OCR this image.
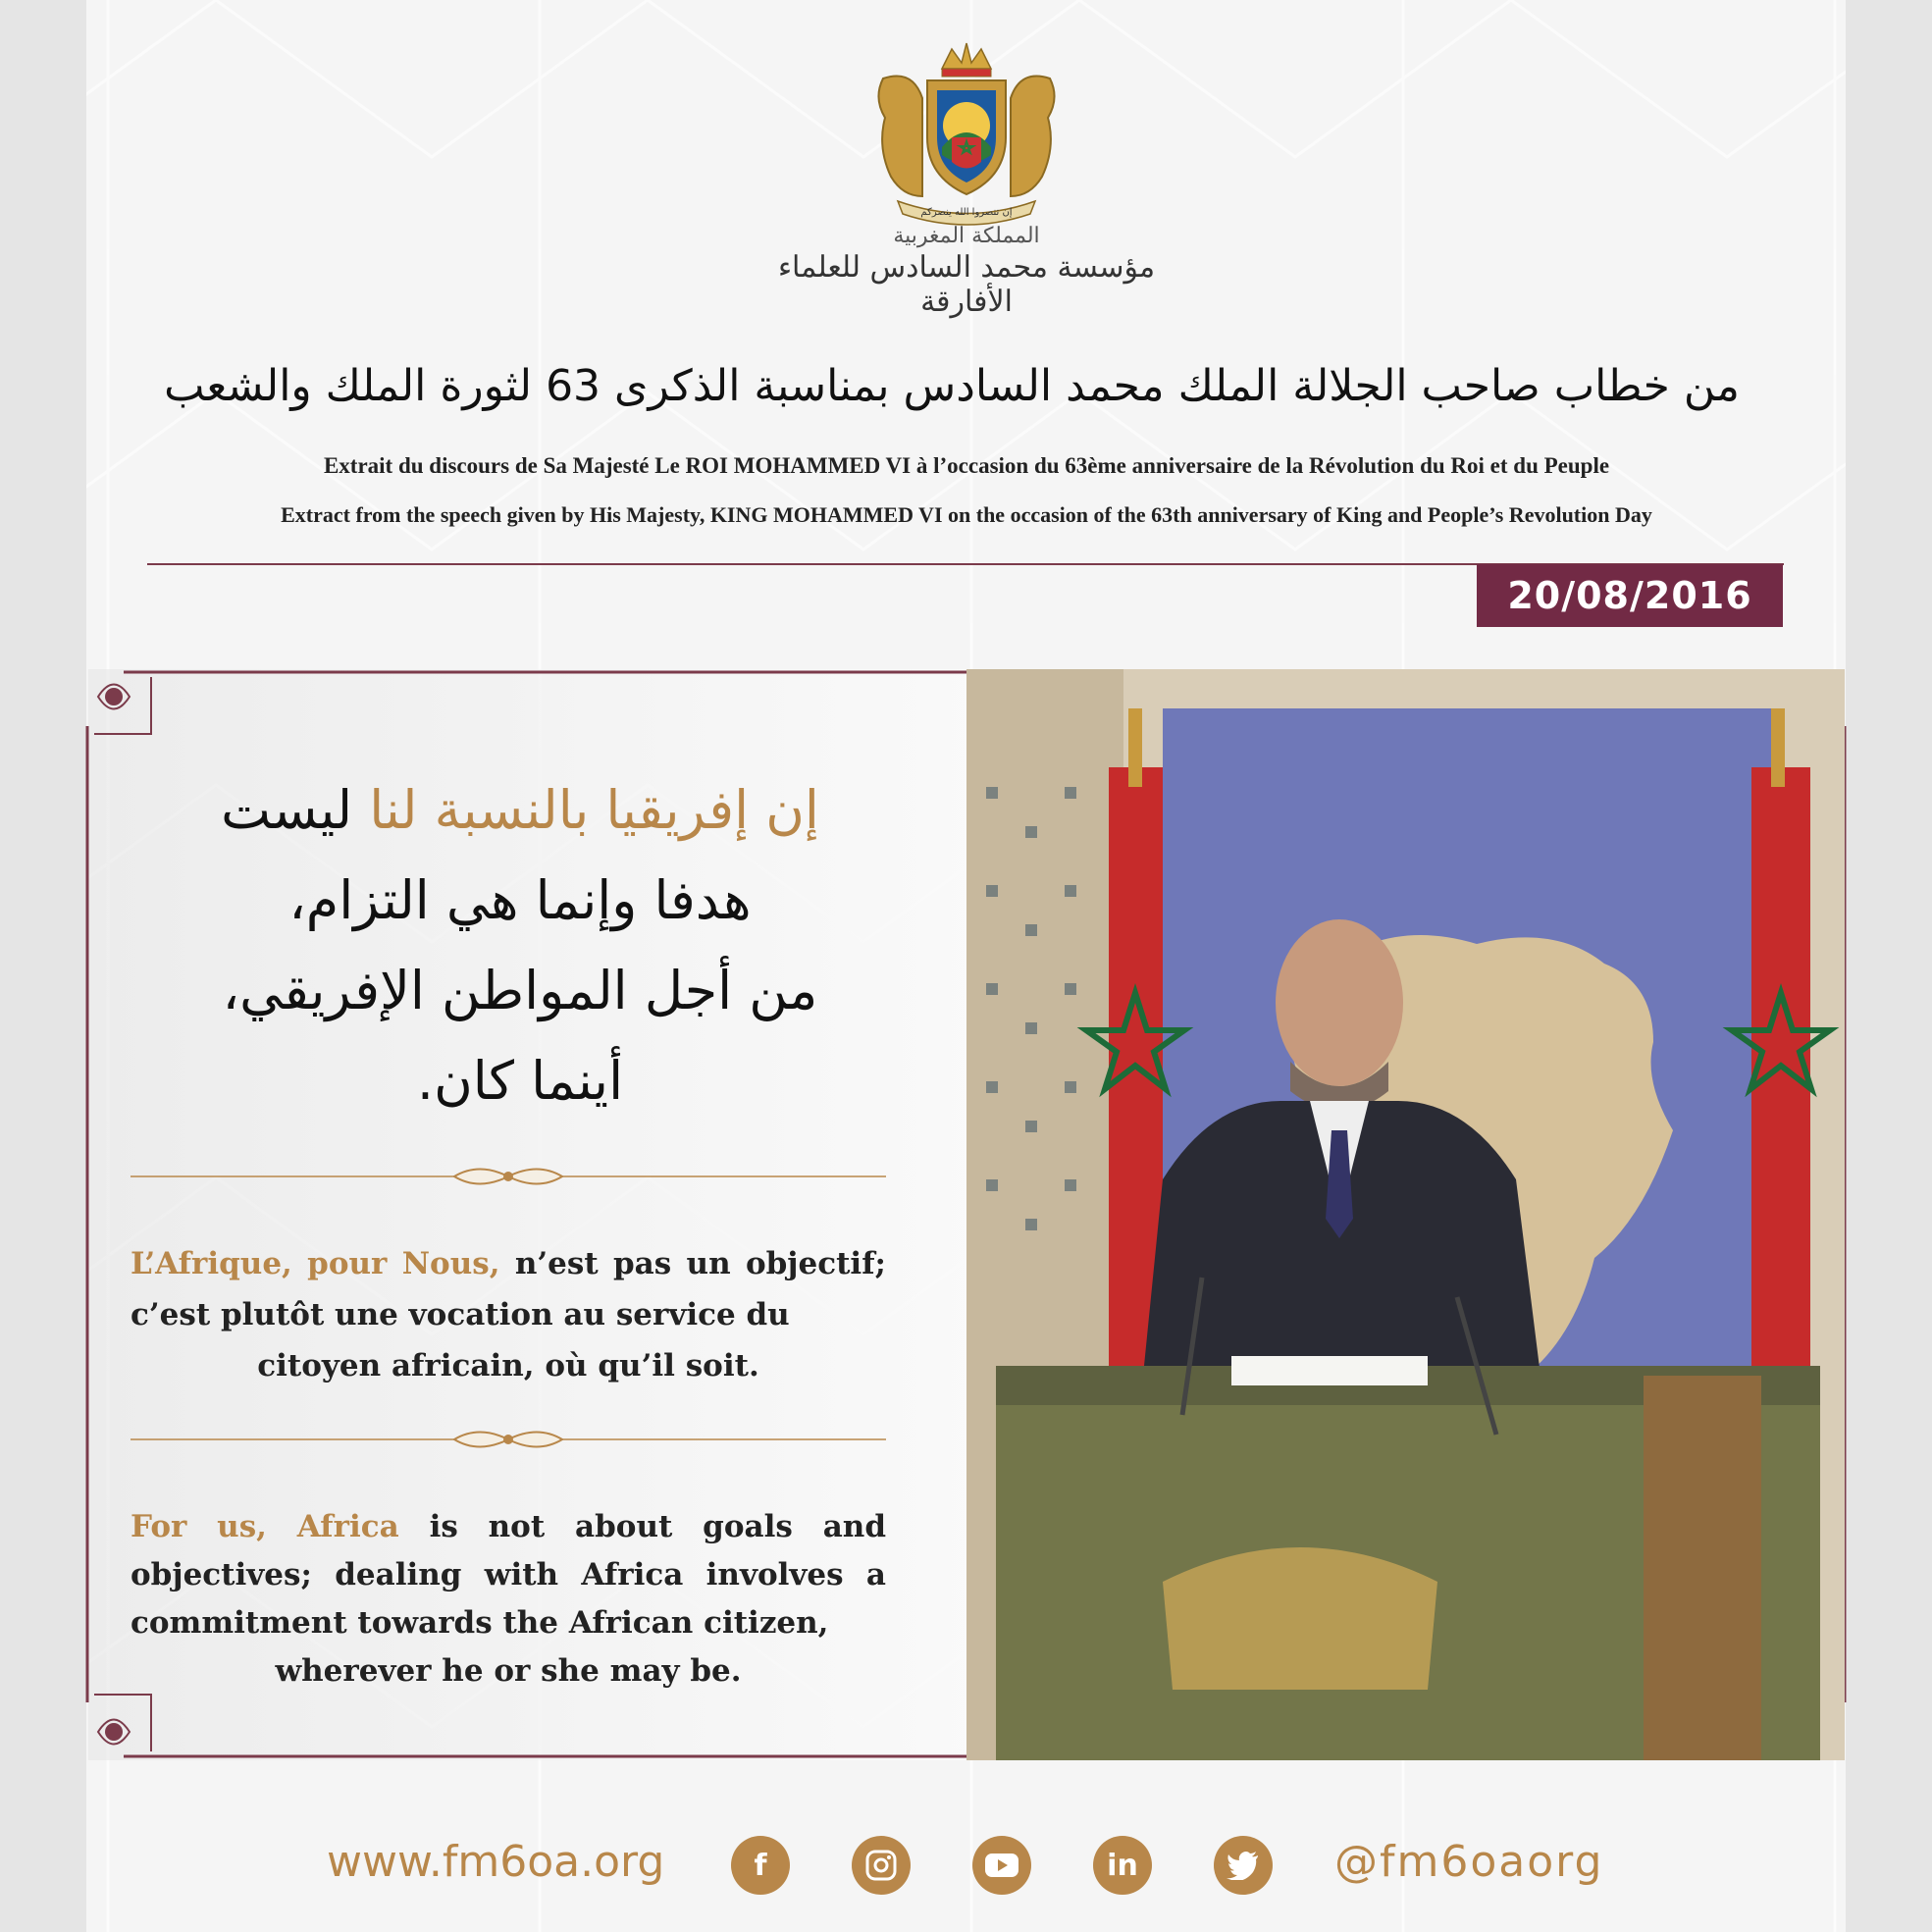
إن تنصروا الله ينصركم
المملكة المغربية
مؤسسة محمد السادس للعلماء الأفارقة
من خطاب صاحب الجلالة الملك محمد السادس بمناسبة الذكرى 63 لثورة الملك والشعب
Extrait du discours de Sa Majesté Le ROI MOHAMMED VI à l’occasion du 63ème anniversaire de la Révolution du Roi et du Peuple
Extract from the speech given by His Majesty, KING MOHAMMED VI on the occasion of the 63th anniversary of King and People’s Revolution Day
20/08/2016
إن إفريقيا بالنسبة لنا ليست
هدفا وإنما هي التزام،
من أجل المواطن الإفريقي،
أينما كان.
L’Afrique, pour Nous, n’est pas un objectif; c’est plutôt une vocation au service du
citoyen africain, où qu’il soit.
For us, Africa is not about goals and objectives; dealing with Africa involves a commitment towards the African citizen,
wherever he or she may be.
www.fm6oa.org	f	in	@fm6oaorg
